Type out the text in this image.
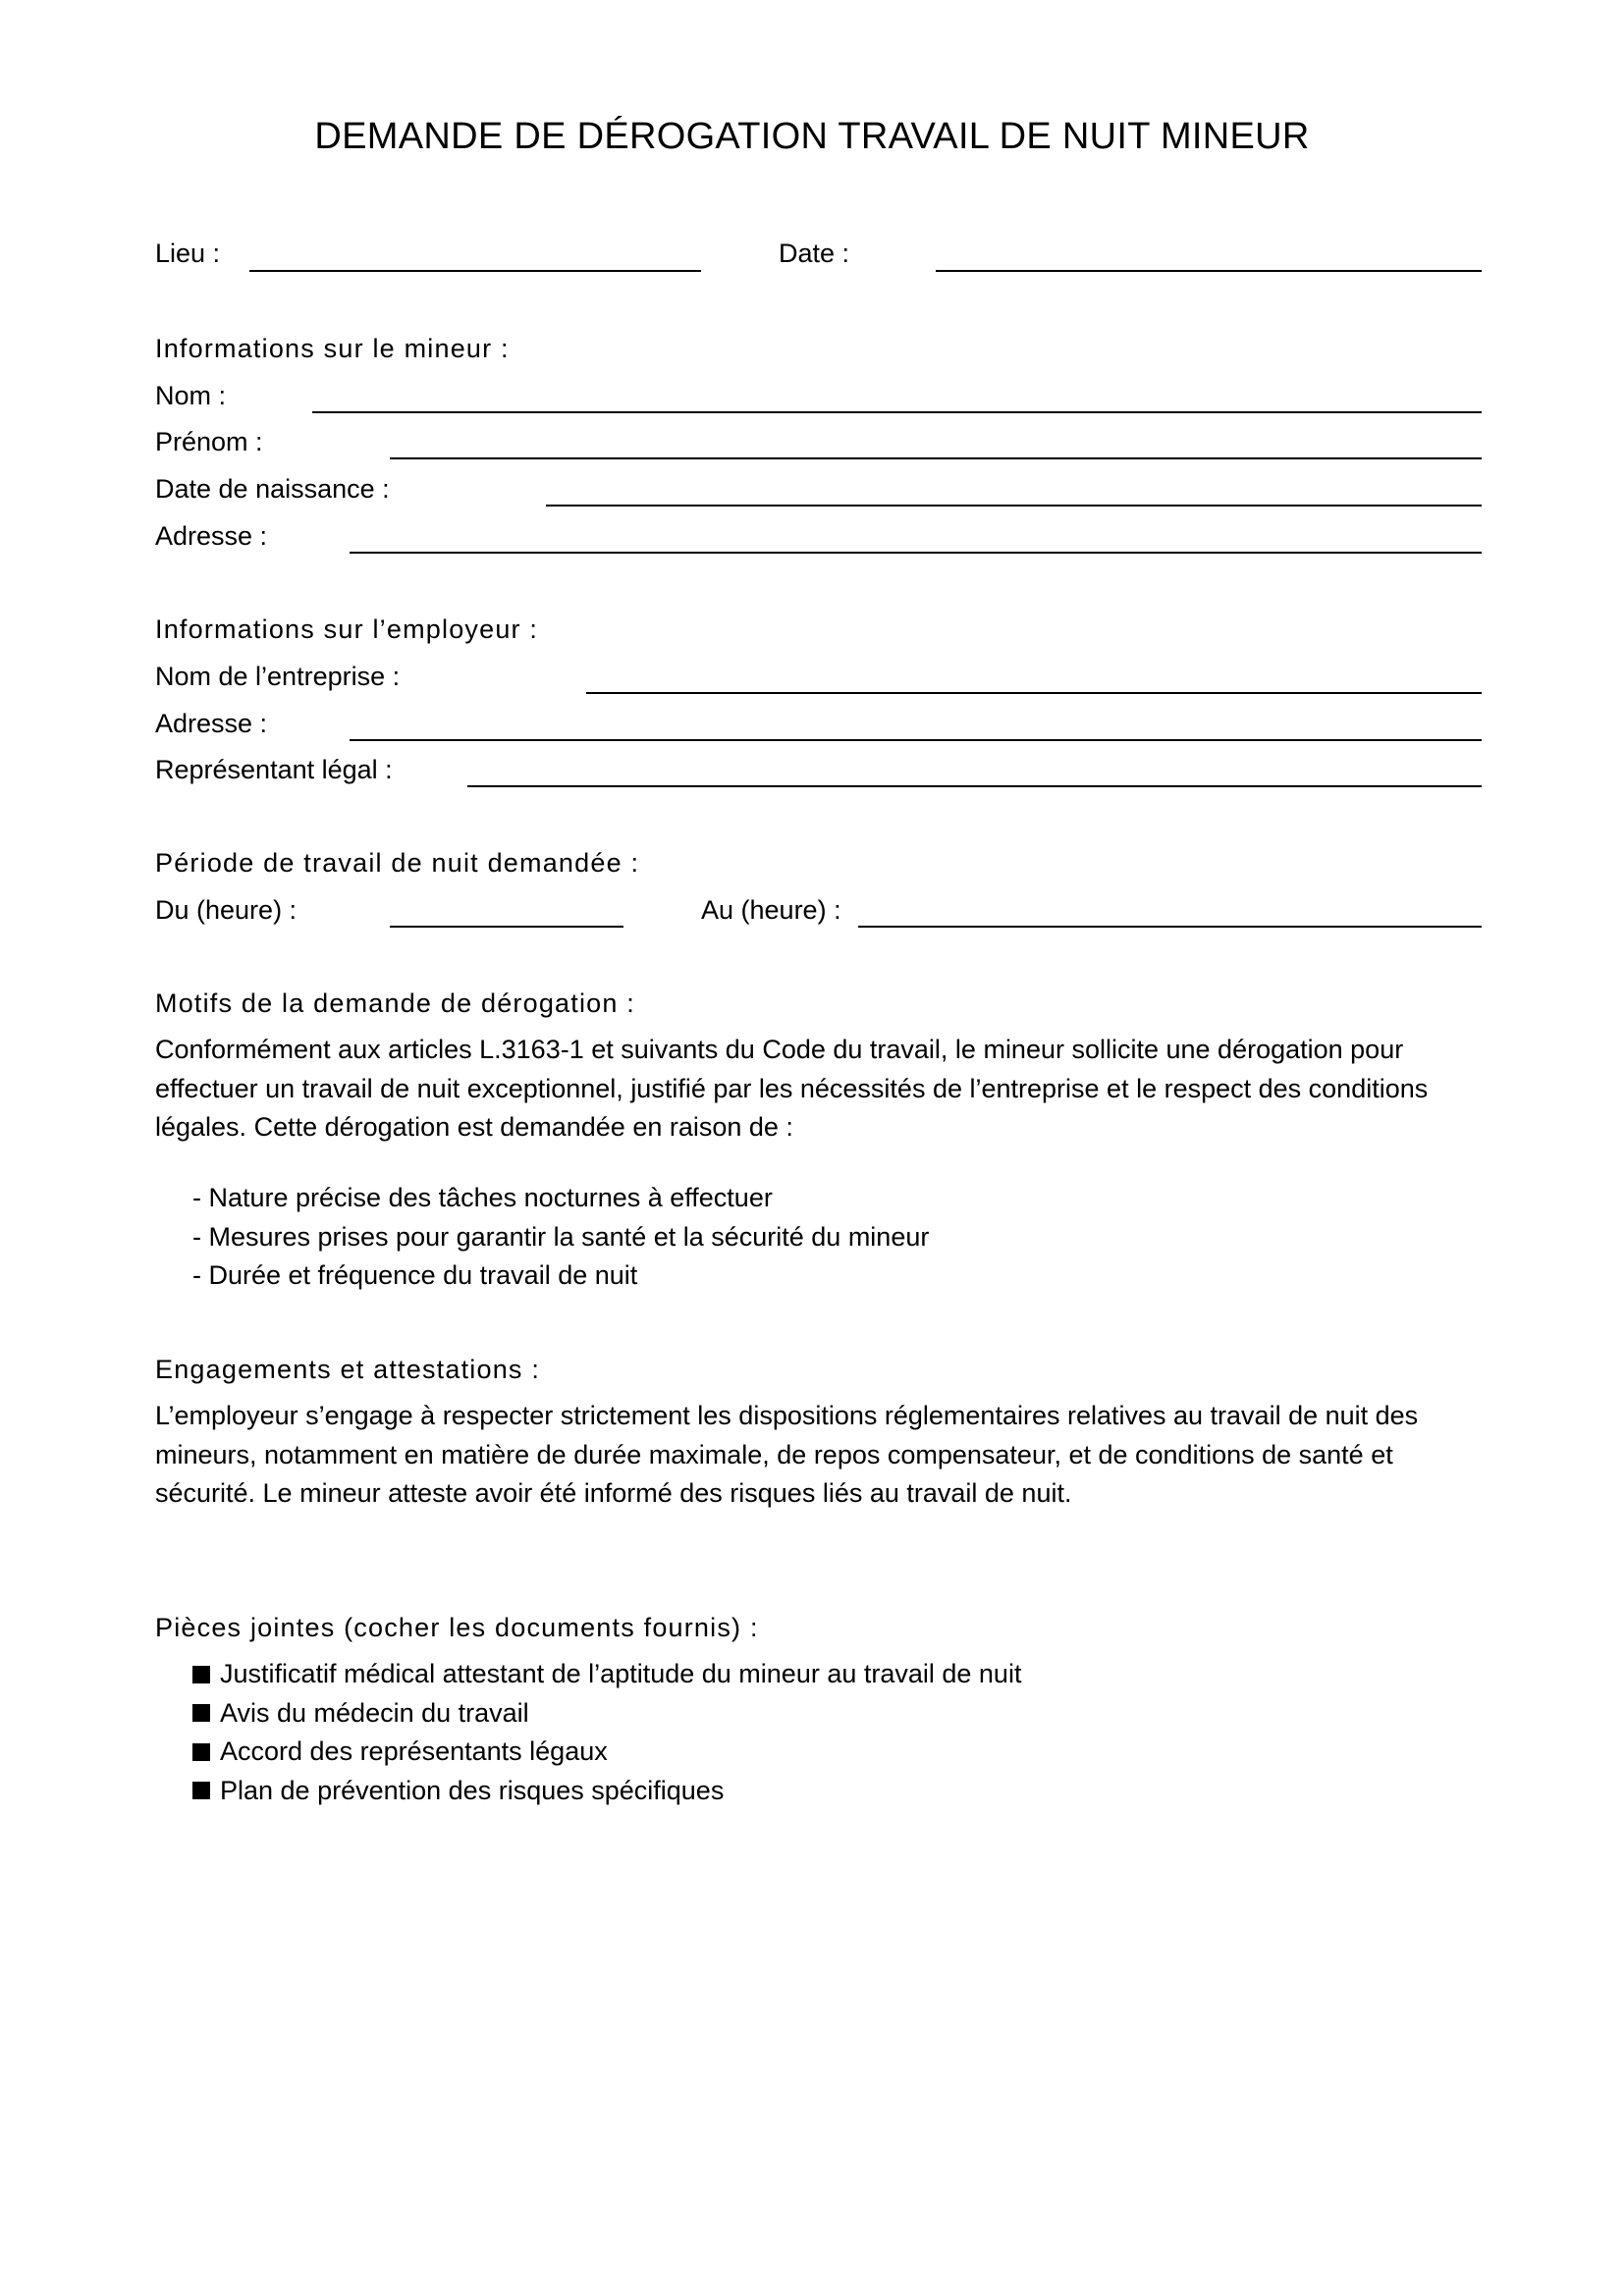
DEMANDE DE DÉROGATION TRAVAIL DE NUIT MINEUR
Lieu :	Date :
Informations sur le mineur :
Nom :
Prénom :
Date de naissance :
Adresse :
Informations sur l’employeur :
Nom de l’entreprise :
Adresse :
Représentant légal :
Période de travail de nuit demandée :
Du (heure) :	Au (heure) :
Motifs de la demande de dérogation :

Conformément aux articles L.3163-1 et suivants du Code du travail, le mineur sollicite une dérogation pour effectuer un travail de nuit exceptionnel, justifié par les nécessités de l’entreprise et le respect des conditions légales. Cette dérogation est demandée en raison de :

- Nature précise des tâches nocturnes à effectuer
- Mesures prises pour garantir la santé et la sécurité du mineur
- Durée et fréquence du travail de nuit
Engagements et attestations :

L’employeur s’engage à respecter strictement les dispositions réglementaires relatives au travail de nuit des mineurs, notamment en matière de durée maximale, de repos compensateur, et de conditions de santé et sécurité. Le mineur atteste avoir été informé des risques liés au travail de nuit.

Pièces jointes (cocher les documents fournis) :
Justificatif médical attestant de l’aptitude du mineur au travail de nuit
Avis du médecin du travail
Accord des représentants légaux
Plan de prévention des risques spécifiques
